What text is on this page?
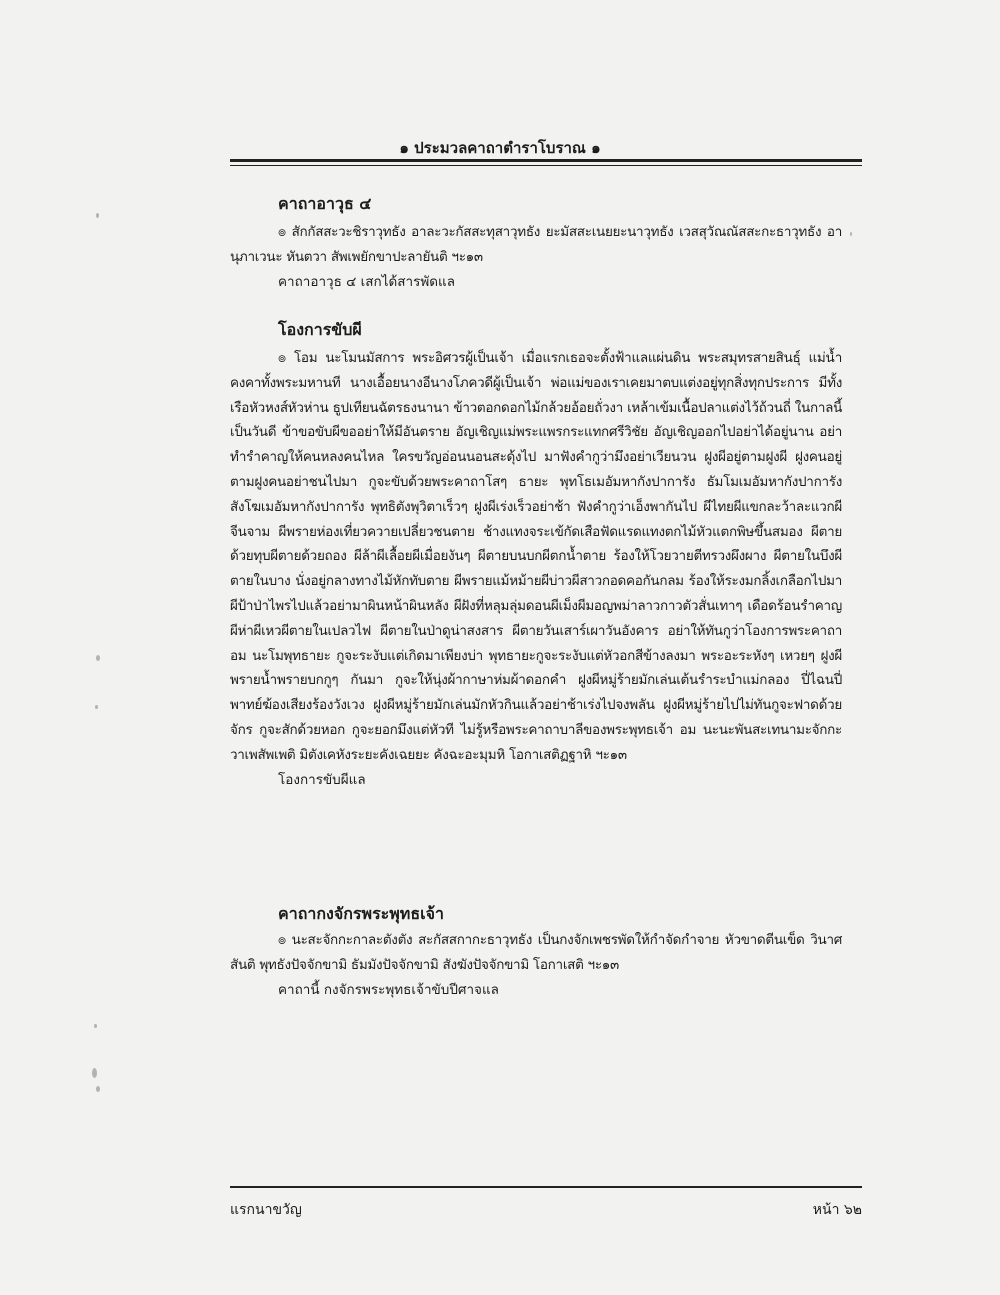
๑ ประมวลคาถาตำราโบราณ ๑

คาถาอาวุธ ๔

๏ สักกัสสะวะชิราวุทธัง อาละวะกัสสะทุสาวุทธัง ยะมัสสะเนยยะนาวุทธัง เวสสุวัณณัสสะกะธาวุทธัง อานุภาเวนะ หันตวา สัพเพยักขาปะลายันติ ฯะ๑๓

คาถาอาวุธ ๔ เสกได้สารพัดแล

โองการขับผี

๏ โอม นะโมนมัสการ พระอิศวรผู้เป็นเจ้า เมื่อแรกเธอจะตั้งฟ้าแลแผ่นดิน พระสมุทรสายสินธุ์ แม่น้ำคงคาทั้งพระมหานที นางเอื้อยนางอีนางโภควดีผู้เป็นเจ้า พ่อแม่ของเราเคยมาตบแต่งอยู่ทุกสิ่งทุกประการ มีทั้งเรือหัวหงส์หัวห่าน ธูปเทียนฉัตรธงนานา ข้าวตอกดอกไม้กล้วยอ้อยถั่วงา เหล้าเข้มเนื้อปลาแต่งไว้ถ้วนถี่ ในกาลนี้เป็นวันดี ข้าขอขับผีขออย่าให้มีอันตราย อัญเชิญแม่พระแพรกระแทกศรีวิชัย อัญเชิญออกไปอย่าได้อยู่นาน อย่าทำรำคาญให้คนหลงคนไหล ใครขวัญอ่อนนอนสะดุ้งไป มาฟังคำกูว่ามึงอย่าเวียนวน ฝูงผีอยู่ตามฝูงผี ฝูงคนอยู่ตามฝูงคนอย่าชนไปมา กูจะขับด้วยพระคาถาโสๆ ธายะ พุทโธเมอัมหากังปาการัง ธัมโมเมอัมหากังปาการัง สังโฆเมอัมหากังปาการัง พุทธิตังพุวิตาเร็วๆ ฝูงผีเร่งเร็วอย่าช้า ฟังคำกูว่าเอ็งพากันไป ผีไทยผีแขกละว้าละแวกผีจีนจาม ผีพรายห่องเที่ยวควายเปลี่ยวชนตาย ช้างแทงจระเข้กัดเสือฟัดแรดแทงตกไม้หัวแตกพิษขึ้นสมอง ผีตายด้วยทุบผีตายด้วยถอง ผีล้าผีเลื้อยผีเมื่อยงันๆ ผีตายบนบกผีตกน้ำตาย ร้องให้โวยวายตีทรวงผึงผาง ผีตายในบึงผีตายในบาง นั่งอยู่กลางทางไม้หักทับตาย ผีพรายแม้หม้ายผีบ่าวผีสาวกอดคอกันกลม ร้องให้ระงมกลิ้งเกลือกไปมา ผีป้าป่าไพรไปแล้วอย่ามาผินหน้าผินหลัง ผีฝังที่หลุมลุ่มดอนผีเม็งผีมอญพม่าลาวกาวตัวสั่นเทาๆ เดือดร้อนรำคาญ ผีห่าผีเหวผีตายในเปลวไฟ ผีตายในป่าดูน่าสงสาร ผีตายวันเสาร์เผาวันอังคาร อย่าให้ทันกูว่าโองการพระคาถา อม นะโมพุทธายะ กูจะระงับแต่เกิดมาเพียงบ่า พุทธายะกูจะระงับแต่หัวอกสีข้างลงมา พระอะระหังๆ เหวยๆ ฝูงผีพรายน้ำพรายบกกูๆ กันมา กูจะให้นุ่งผ้ากาษาห่มผ้าดอกคำ ฝูงผีหมู่ร้ายมักเล่นเต้นรำระบำแม่กลอง ปี่ไฉนปี่พาทย์ฆ้องเสียงร้องวังเวง ฝูงผีหมู่ร้ายมักเล่นมักหัวกินแล้วอย่าช้าเร่งไปจงพลัน ฝูงผีหมู่ร้ายไปไม่ทันกูจะฟาดด้วยจักร กูจะสักด้วยหอก กูจะยอกมึงแต่หัวที ไม่รู้หรือพระคาถาบาลีของพระพุทธเจ้า อม นะนะพันสะเทนามะจักกะวาเพสัพเพติ มิตังเคหังระยะคังเฉยยะ คังฉะอะมุมหิ โอกาเสติฏฐาหิ ฯะ๑๓

โองการขับผีแล

คาถากงจักรพระพุทธเจ้า

๏ นะสะจักกะกาละตังตัง สะกัสสกากะธาวุทธัง เป็นกงจักเพชรพัดให้กำจัดกำจาย หัวขาดตีนเข็ด วินาศสันติ พุทธังปัจจักขามิ ธัมมังปัจจักขามิ สังฆังปัจจักขามิ โอกาเสติ ฯะ๑๓

คาถานี้ กงจักรพระพุทธเจ้าขับปีศาจแล

แรกนาขวัญ	หน้า ๖๒
